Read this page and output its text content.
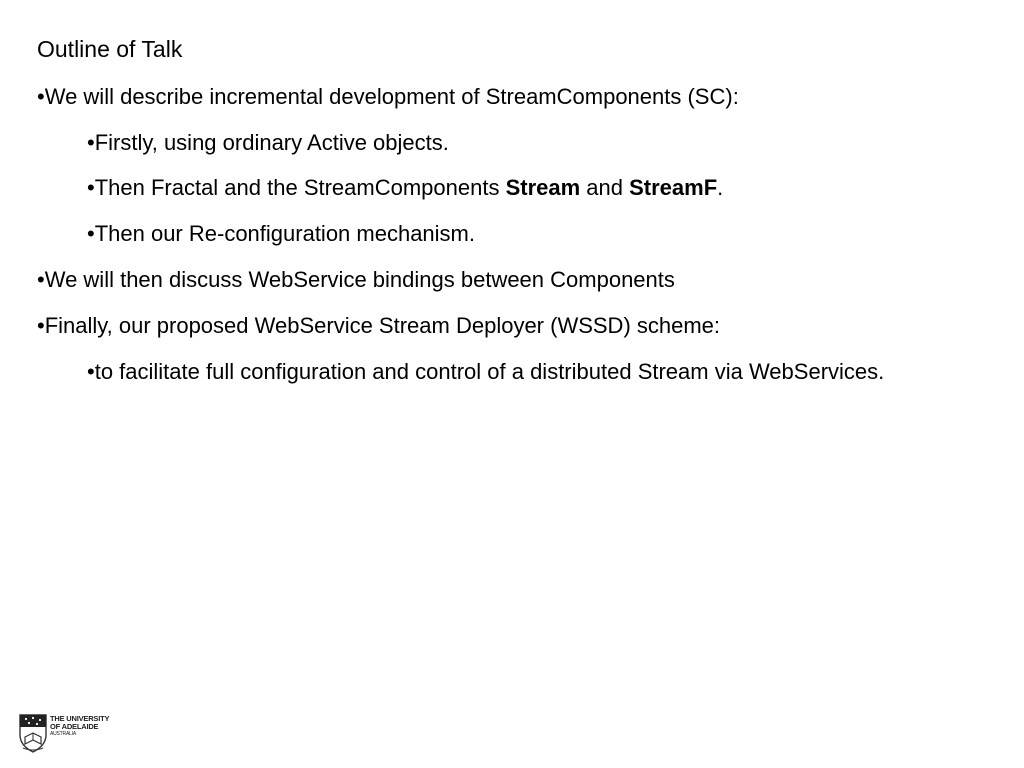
Outline of Talk
•We will describe incremental development of StreamComponents (SC):
•Firstly, using ordinary Active objects.
•Then Fractal and the StreamComponents Stream and StreamF.
•Then our Re-configuration mechanism.
•We will then discuss WebService bindings between Components
•Finally, our proposed WebService Stream Deployer (WSSD) scheme:
•to facilitate full configuration and control of a distributed Stream via WebServices.
THE UNIVERSITY
OF ADELAIDE
AUSTRALIA
